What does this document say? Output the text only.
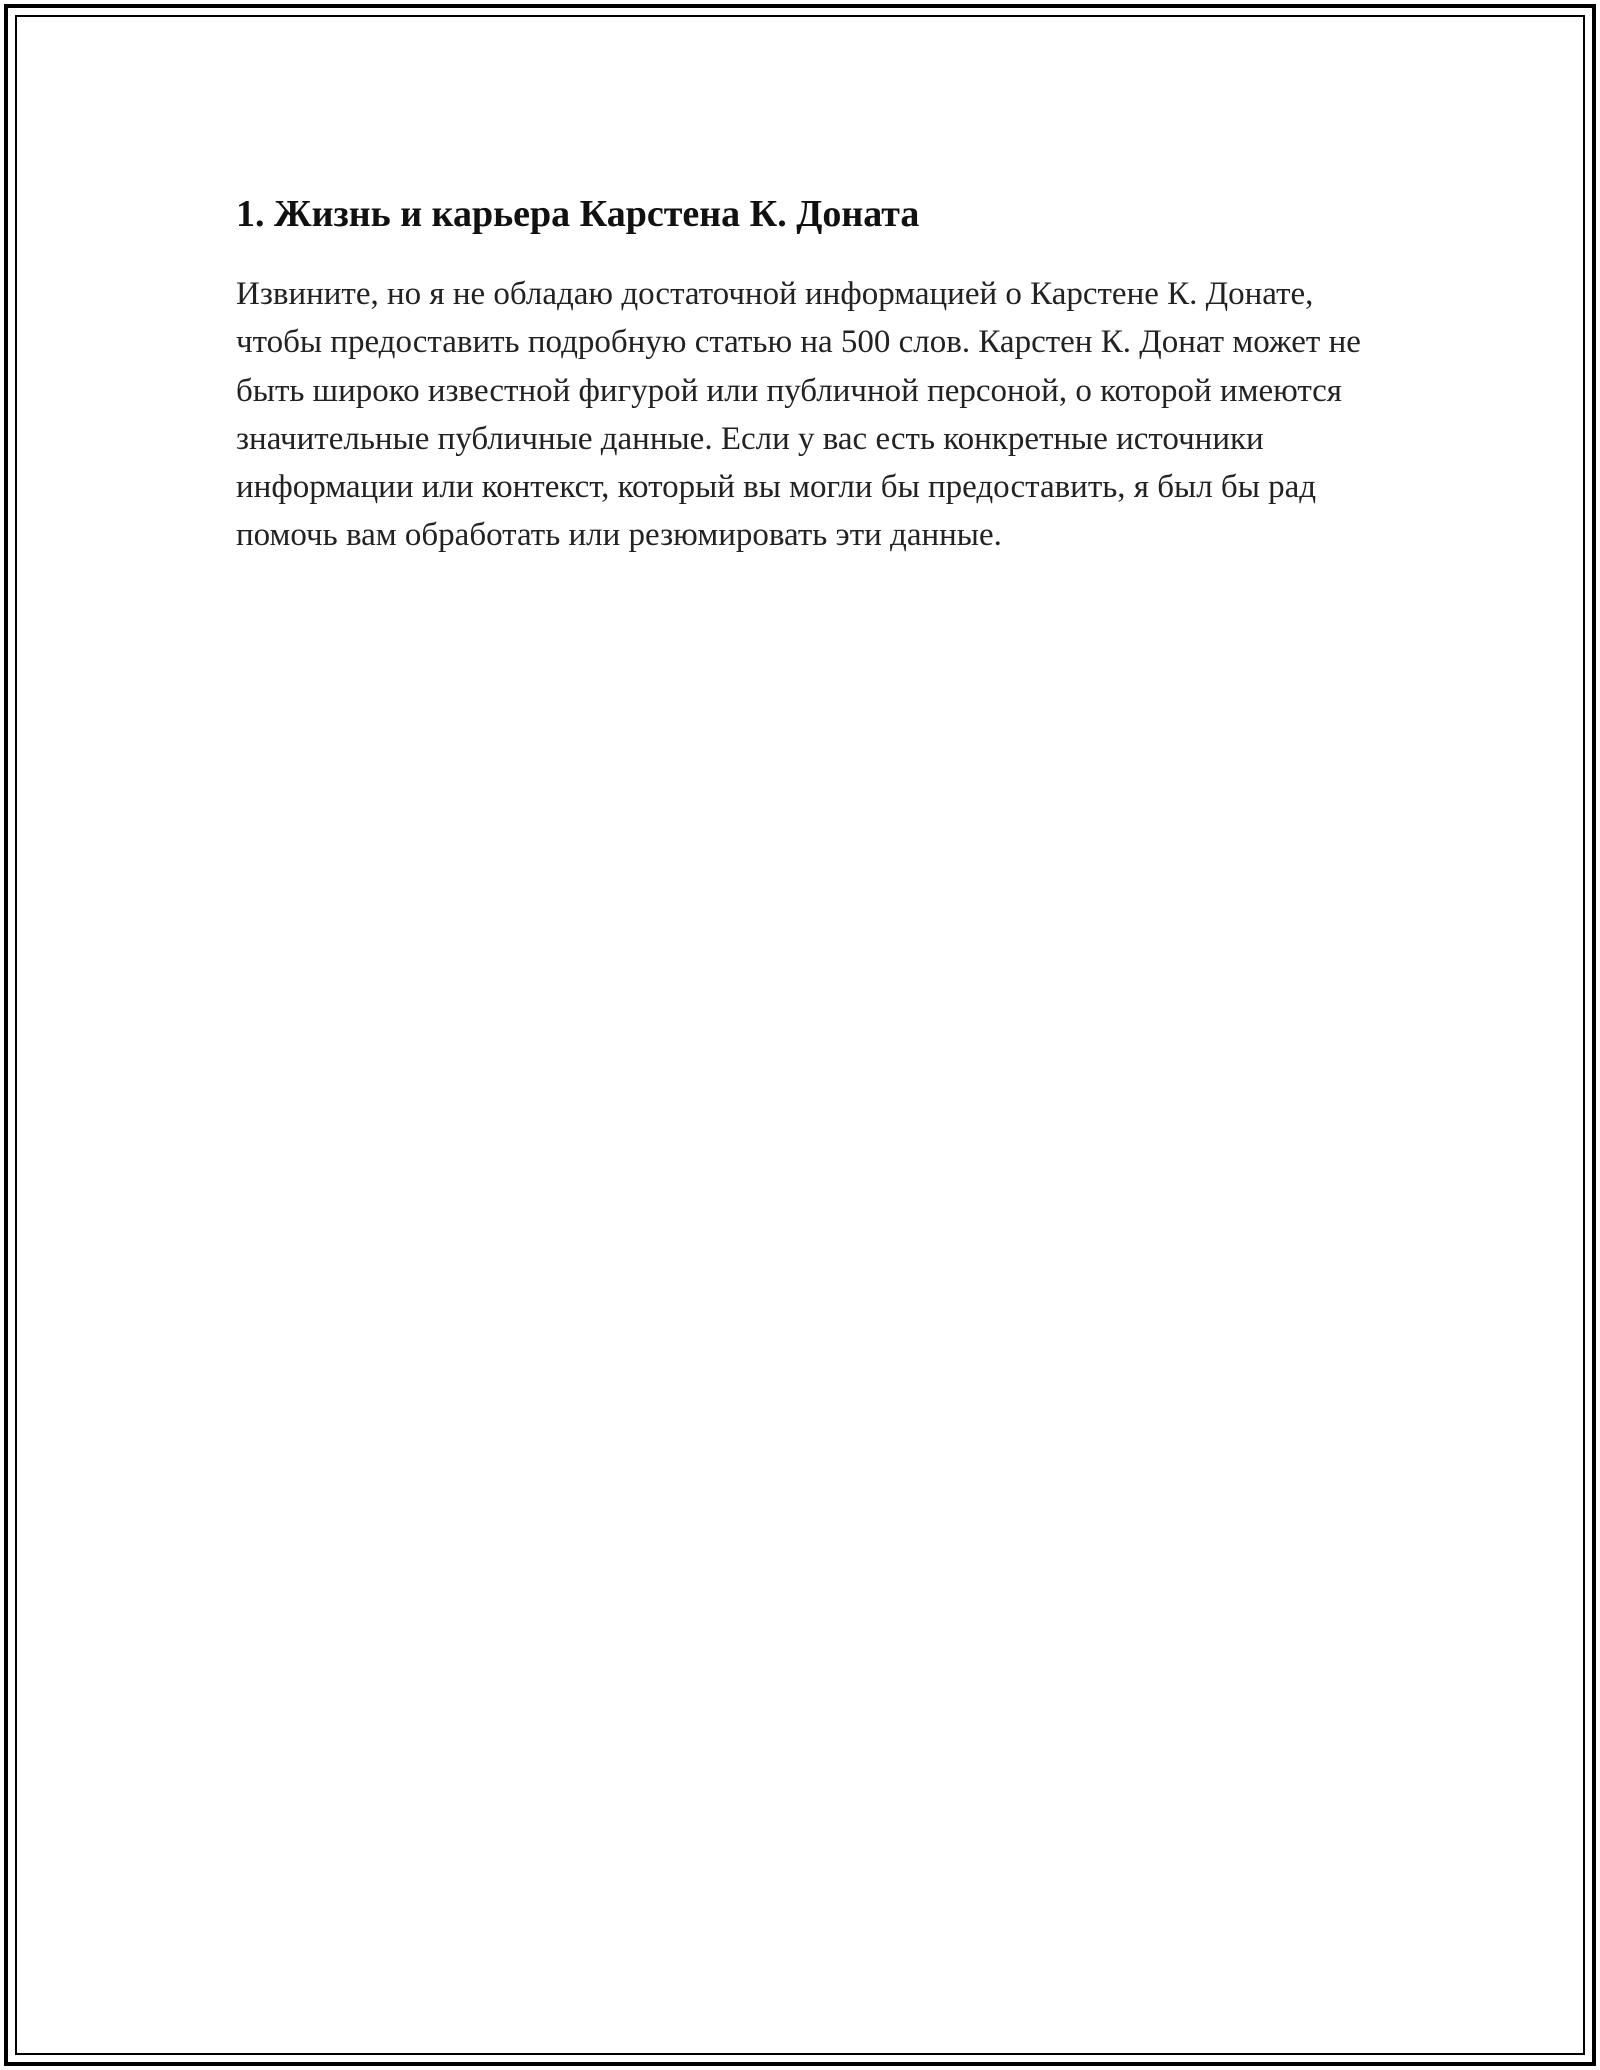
1. Жизнь и карьера Карстена К. Доната

Извините, но я не обладаю достаточной информацией о Карстене К. Донате, чтобы предоставить подробную статью на 500 слов. Карстен К. Донат может не быть широко известной фигурой или публичной персоной, о которой имеются значительные публичные данные. Если у вас есть конкретные источники информации или контекст, который вы могли бы предоставить, я был бы рад помочь вам обработать или резюмировать эти данные.
